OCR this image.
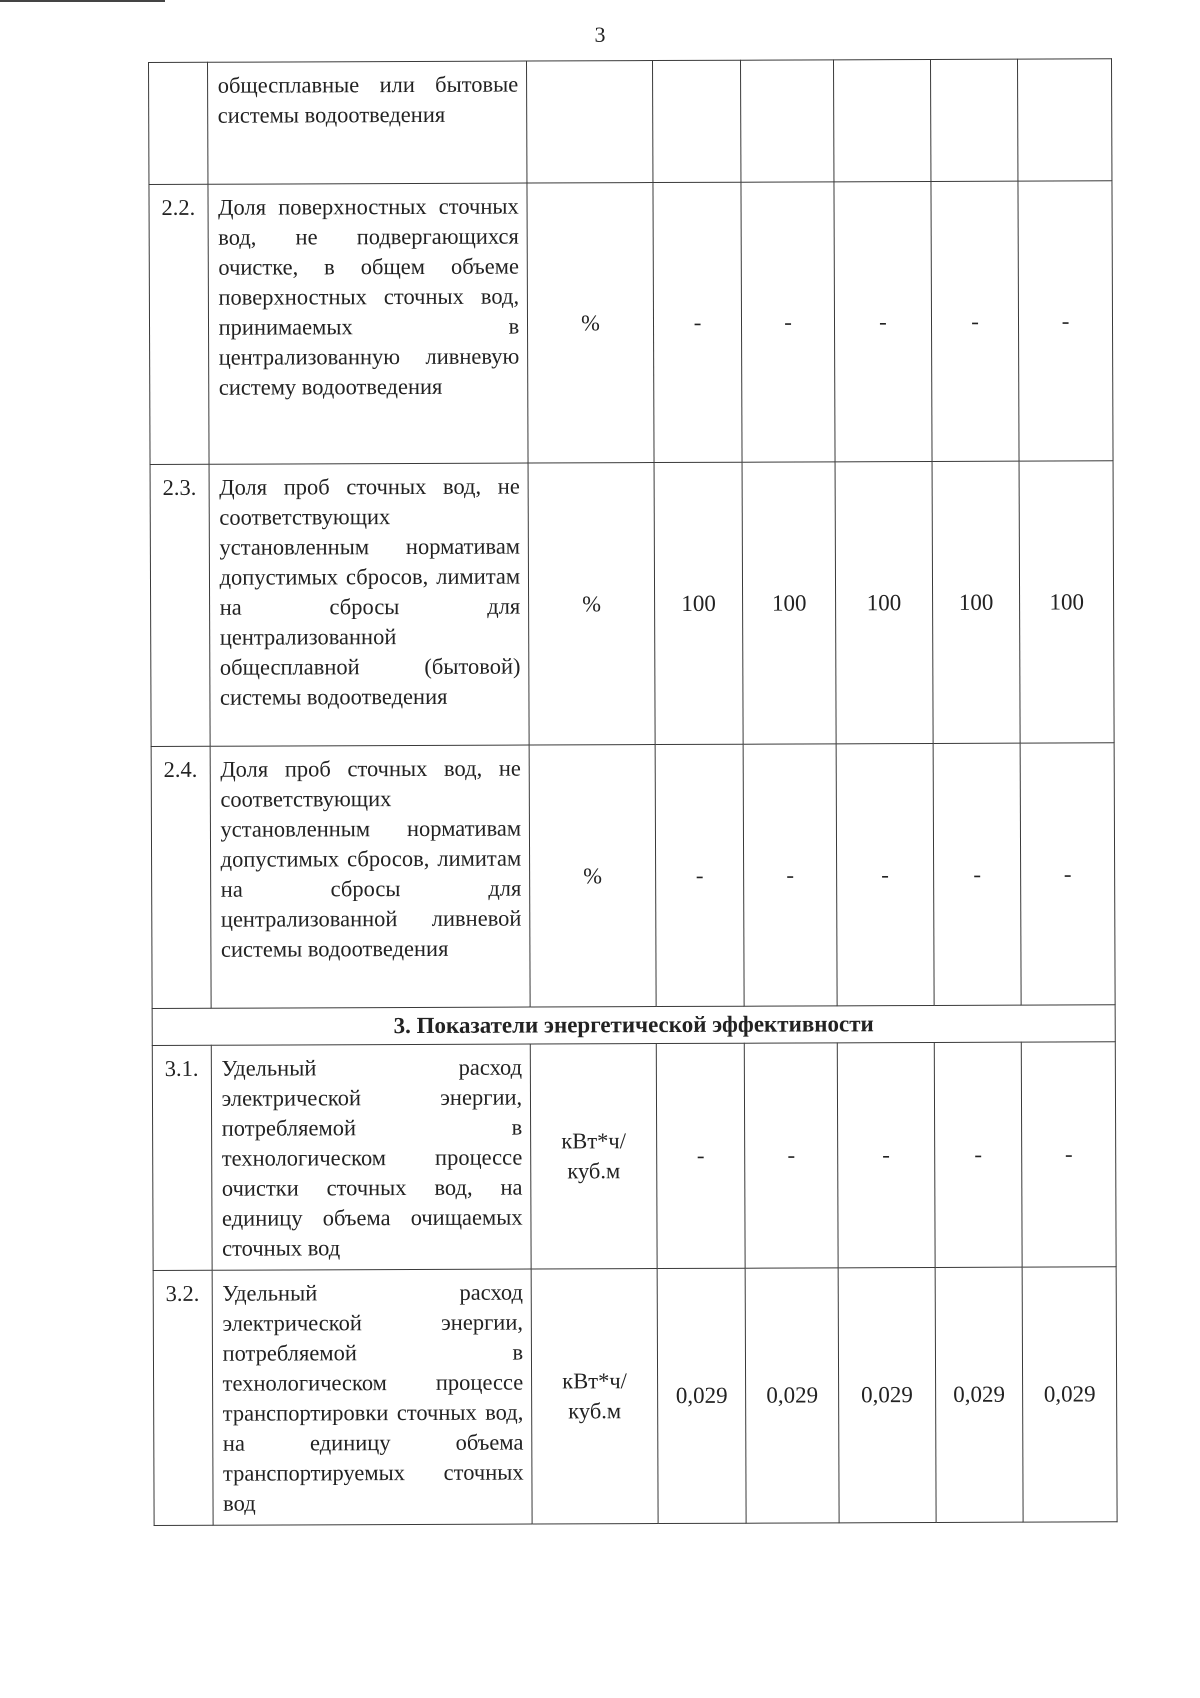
3
	общесплавные или бытовые системы водоотведения						
2.2.	Доля поверхностных сточных вод, не подвергающихся очистке, в общем объеме поверхностных сточных вод, принимаемых в централизованную ливневую систему водоотведения	%	-	-	-	-	-
2.3.	Доля проб сточных вод, не соответствующих установленным нормативам допустимых сбросов, лимитам на сбросы для централизованной общесплавной (бытовой) системы водоотведения	%	100	100	100	100	100
2.4.	Доля проб сточных вод, не соответствующих установленным нормативам допустимых сбросов, лимитам на сбросы для централизованной ливневой системы водоотведения	%	-	-	-	-	-
3. Показатели энергетической эффективности							
3.1.	Удельный расход электрической энергии, потребляемой в технологическом процессе очистки сточных вод, на единицу объема очищаемых сточных вод	кВт*ч/ куб.м	-	-	-	-	-
3.2.	Удельный расход электрической энергии, потребляемой в технологическом процессе транспортировки сточных вод, на единицу объема транспортируемых сточных вод	кВт*ч/ куб.м	0,029	0,029	0,029	0,029	0,029
